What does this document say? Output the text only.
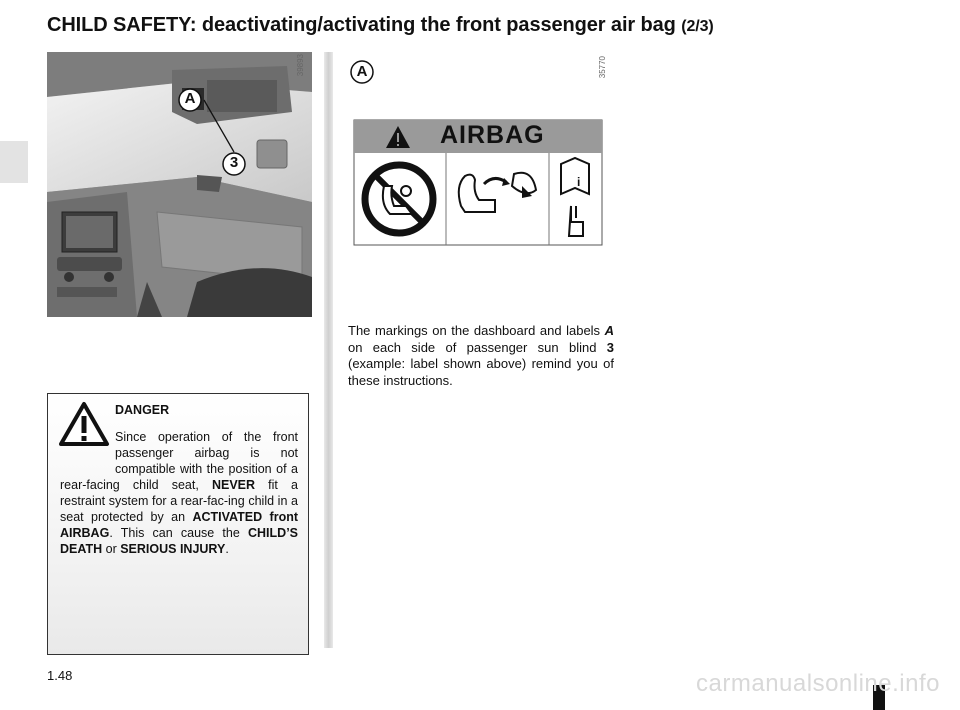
CHILD SAFETY: deactivating/activating the front passenger air bag (2/3)
39893
A
3
i
A
AIRBAG
35770
The markings on the dashboard and labels A on each side of passenger sun blind 3 (example: label shown above) remind you of these instructions.
DANGER
Since operation of the front passenger airbag is not compatible with the position of a rear-facing child seat, NEVER fit a restraint system for a rear-fac-ing child in a seat protected by an ACTIVATED front AIRBAG. This can cause the CHILD’S DEATH or SERIOUS INJURY.
1.48	carmanualsonline.info
